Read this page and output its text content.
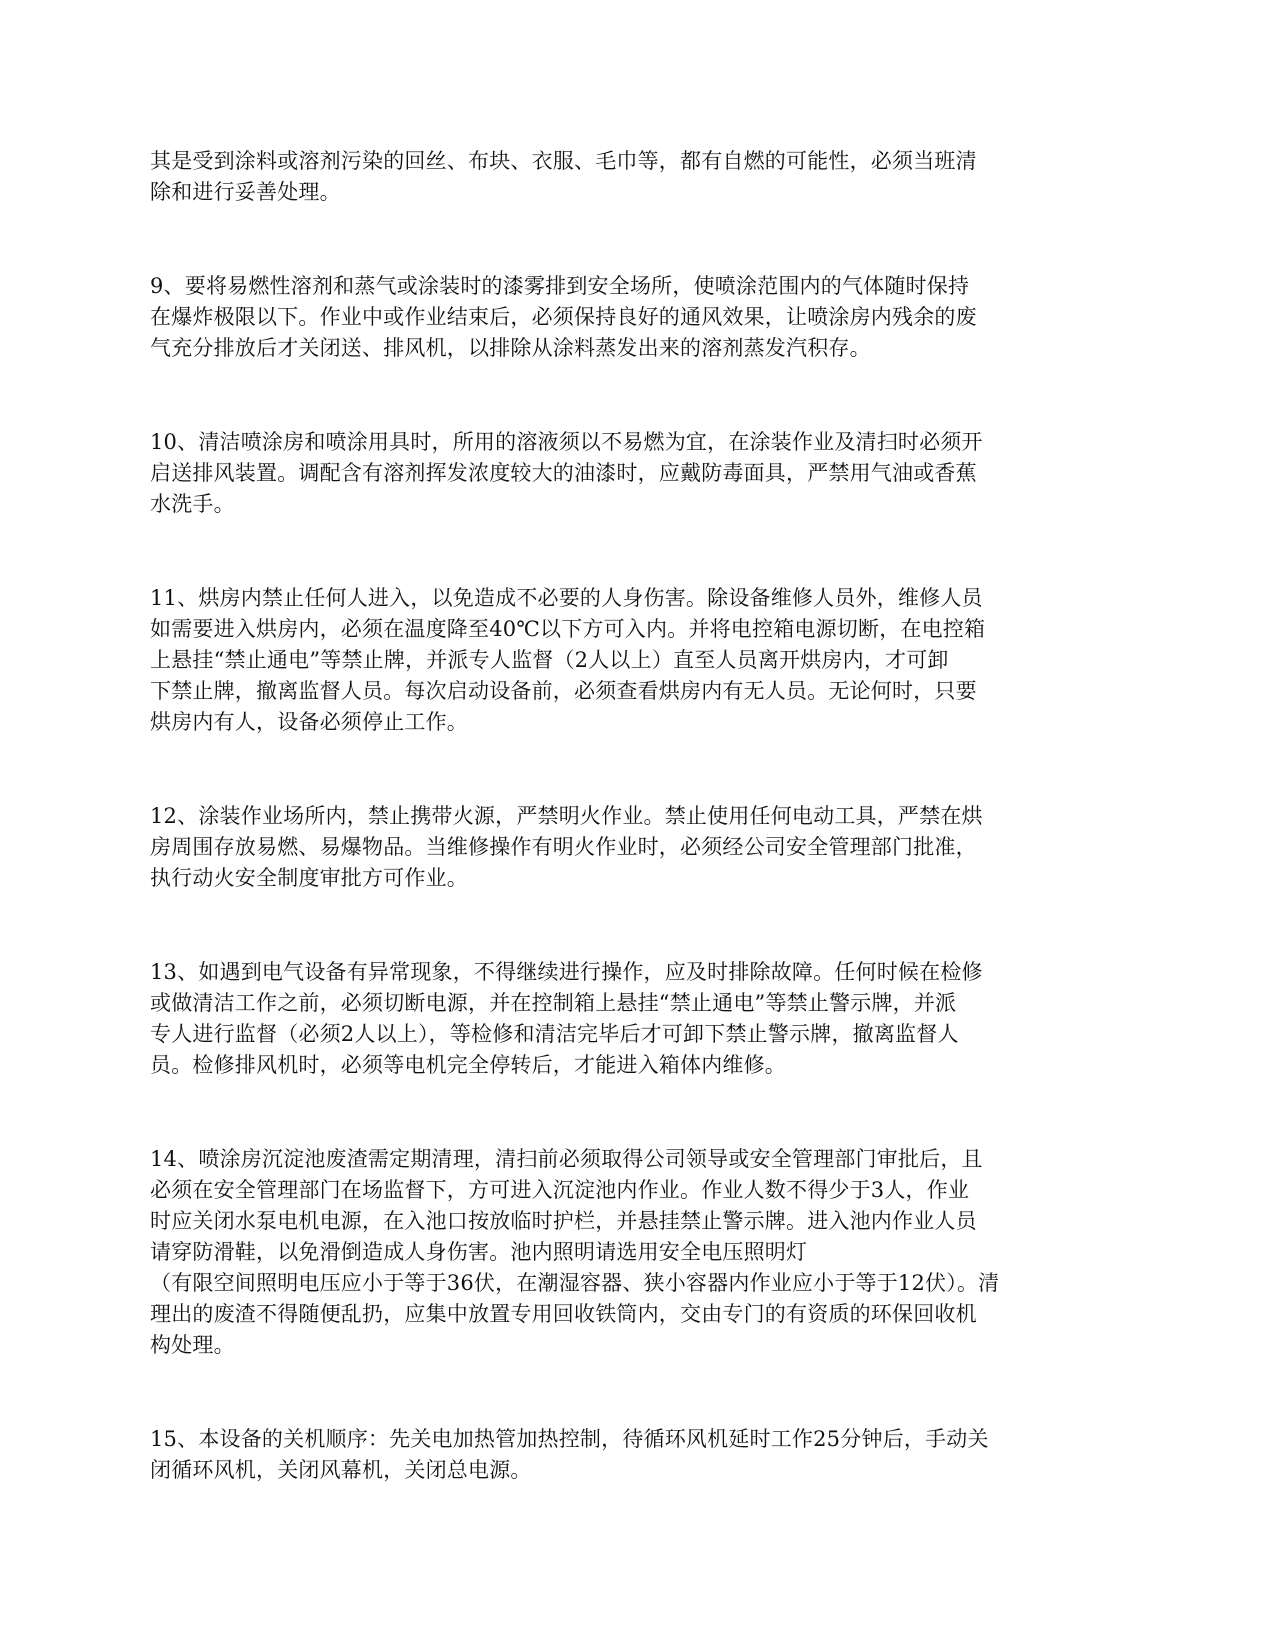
其是受到涂料或溶剂污染的回丝、布块、衣服、毛巾等，都有自燃的可能性，必须当班清
除和进行妥善处理。

9、要将易燃性溶剂和蒸气或涂装时的漆雾排到安全场所，使喷涂范围内的气体随时保持
在爆炸极限以下。作业中或作业结束后，必须保持良好的通风效果，让喷涂房内残余的废
气充分排放后才关闭送、排风机，以排除从涂料蒸发出来的溶剂蒸发汽积存。

10、清洁喷涂房和喷涂用具时，所用的溶液须以不易燃为宜，在涂装作业及清扫时必须开
启送排风装置。调配含有溶剂挥发浓度较大的油漆时，应戴防毒面具，严禁用气油或香蕉
水洗手。

11、烘房内禁止任何人进入，以免造成不必要的人身伤害。除设备维修人员外，维修人员
如需要进入烘房内，必须在温度降至40℃以下方可入内。并将电控箱电源切断，在电控箱
上悬挂“禁止通电”等禁止牌，并派专人监督（2人以上）直至人员离开烘房内，才可卸
下禁止牌，撤离监督人员。每次启动设备前，必须查看烘房内有无人员。无论何时，只要
烘房内有人，设备必须停止工作。

12、涂装作业场所内，禁止携带火源，严禁明火作业。禁止使用任何电动工具，严禁在烘
房周围存放易燃、易爆物品。当维修操作有明火作业时，必须经公司安全管理部门批准，
执行动火安全制度审批方可作业。

13、如遇到电气设备有异常现象，不得继续进行操作，应及时排除故障。任何时候在检修
或做清洁工作之前，必须切断电源，并在控制箱上悬挂“禁止通电”等禁止警示牌，并派
专人进行监督（必须2人以上），等检修和清洁完毕后才可卸下禁止警示牌，撤离监督人
员。检修排风机时，必须等电机完全停转后，才能进入箱体内维修。

14、喷涂房沉淀池废渣需定期清理，清扫前必须取得公司领导或安全管理部门审批后，且
必须在安全管理部门在场监督下，方可进入沉淀池内作业。作业人数不得少于3人，作业
时应关闭水泵电机电源，在入池口按放临时护栏，并悬挂禁止警示牌。进入池内作业人员
请穿防滑鞋，以免滑倒造成人身伤害。池内照明请选用安全电压照明灯
（有限空间照明电压应小于等于36伏，在潮湿容器、狭小容器内作业应小于等于12伏）。清
理出的废渣不得随便乱扔，应集中放置专用回收铁筒内，交由专门的有资质的环保回收机
构处理。

15、本设备的关机顺序：先关电加热管加热控制，待循环风机延时工作25分钟后，手动关
闭循环风机，关闭风幕机，关闭总电源。
